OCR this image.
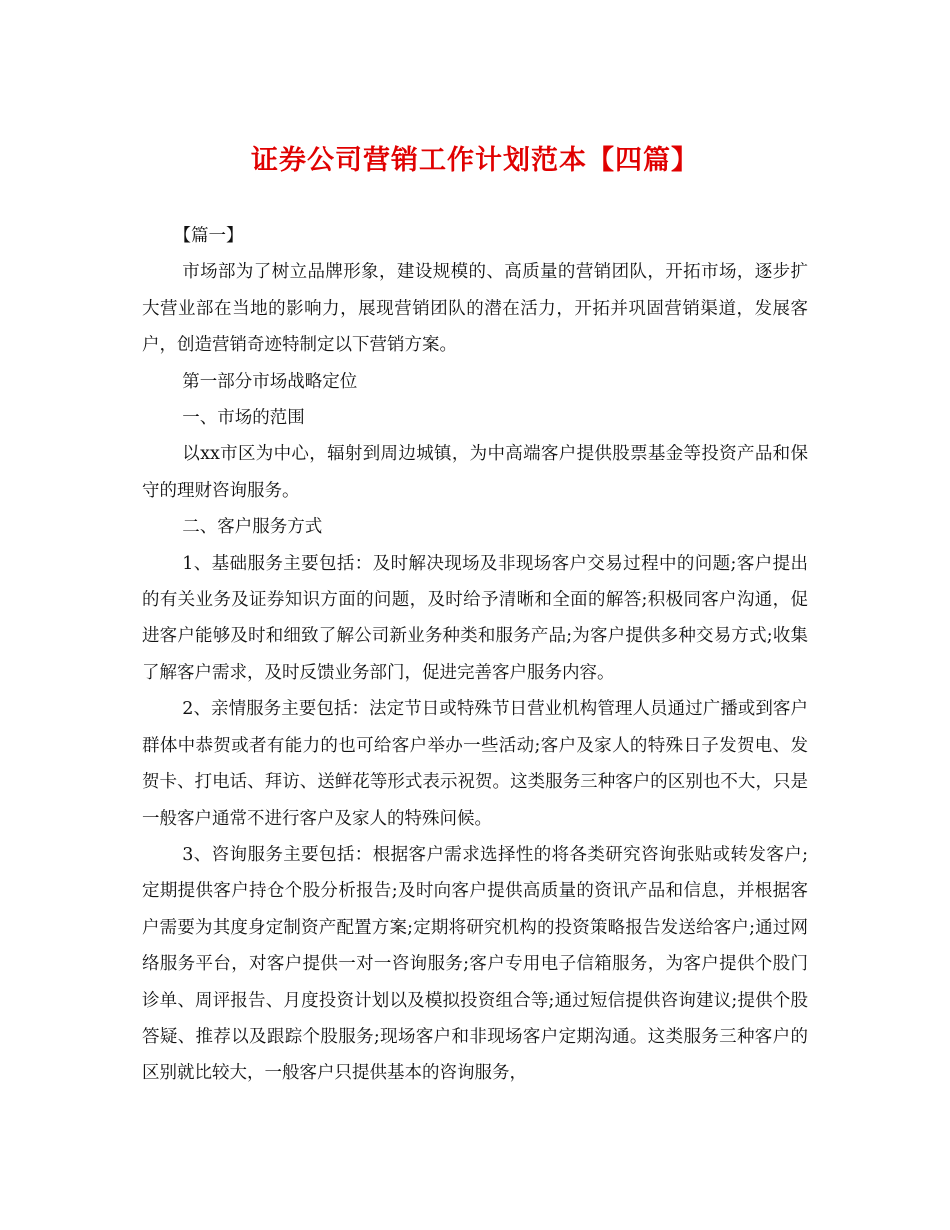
证券公司营销工作计划范本【四篇】

【篇一】

市场部为了树立品牌形象，建设规模的、高质量的营销团队，开拓市场，逐步扩大营业部在当地的影响力，展现营销团队的潜在活力，开拓并巩固营销渠道，发展客户，创造营销奇迹特制定以下营销方案。

第一部分市场战略定位

一、市场的范围

以xx市区为中心，辐射到周边城镇，为中高端客户提供股票基金等投资产品和保守的理财咨询服务。

二、客户服务方式

1、基础服务主要包括：及时解决现场及非现场客户交易过程中的问题;客户提出的有关业务及证券知识方面的问题，及时给予清晰和全面的解答;积极同客户沟通，促进客户能够及时和细致了解公司新业务种类和服务产品;为客户提供多种交易方式;收集了解客户需求，及时反馈业务部门，促进完善客户服务内容。

2、亲情服务主要包括：法定节日或特殊节日营业机构管理人员通过广播或到客户群体中恭贺或者有能力的也可给客户举办一些活动;客户及家人的特殊日子发贺电、发贺卡、打电话、拜访、送鲜花等形式表示祝贺。这类服务三种客户的区别也不大，只是一般客户通常不进行客户及家人的特殊问候。

3、咨询服务主要包括：根据客户需求选择性的将各类研究咨询张贴或转发客户;定期提供客户持仓个股分析报告;及时向客户提供高质量的资讯产品和信息，并根据客户需要为其度身定制资产配置方案;定期将研究机构的投资策略报告发送给客户;通过网络服务平台，对客户提供一对一咨询服务;客户专用电子信箱服务，为客户提供个股门诊单、周评报告、月度投资计划以及模拟投资组合等;通过短信提供咨询建议;提供个股答疑、推荐以及跟踪个股服务;现场客户和非现场客户定期沟通。这类服务三种客户的区别就比较大，一般客户只提供基本的咨询服务，
